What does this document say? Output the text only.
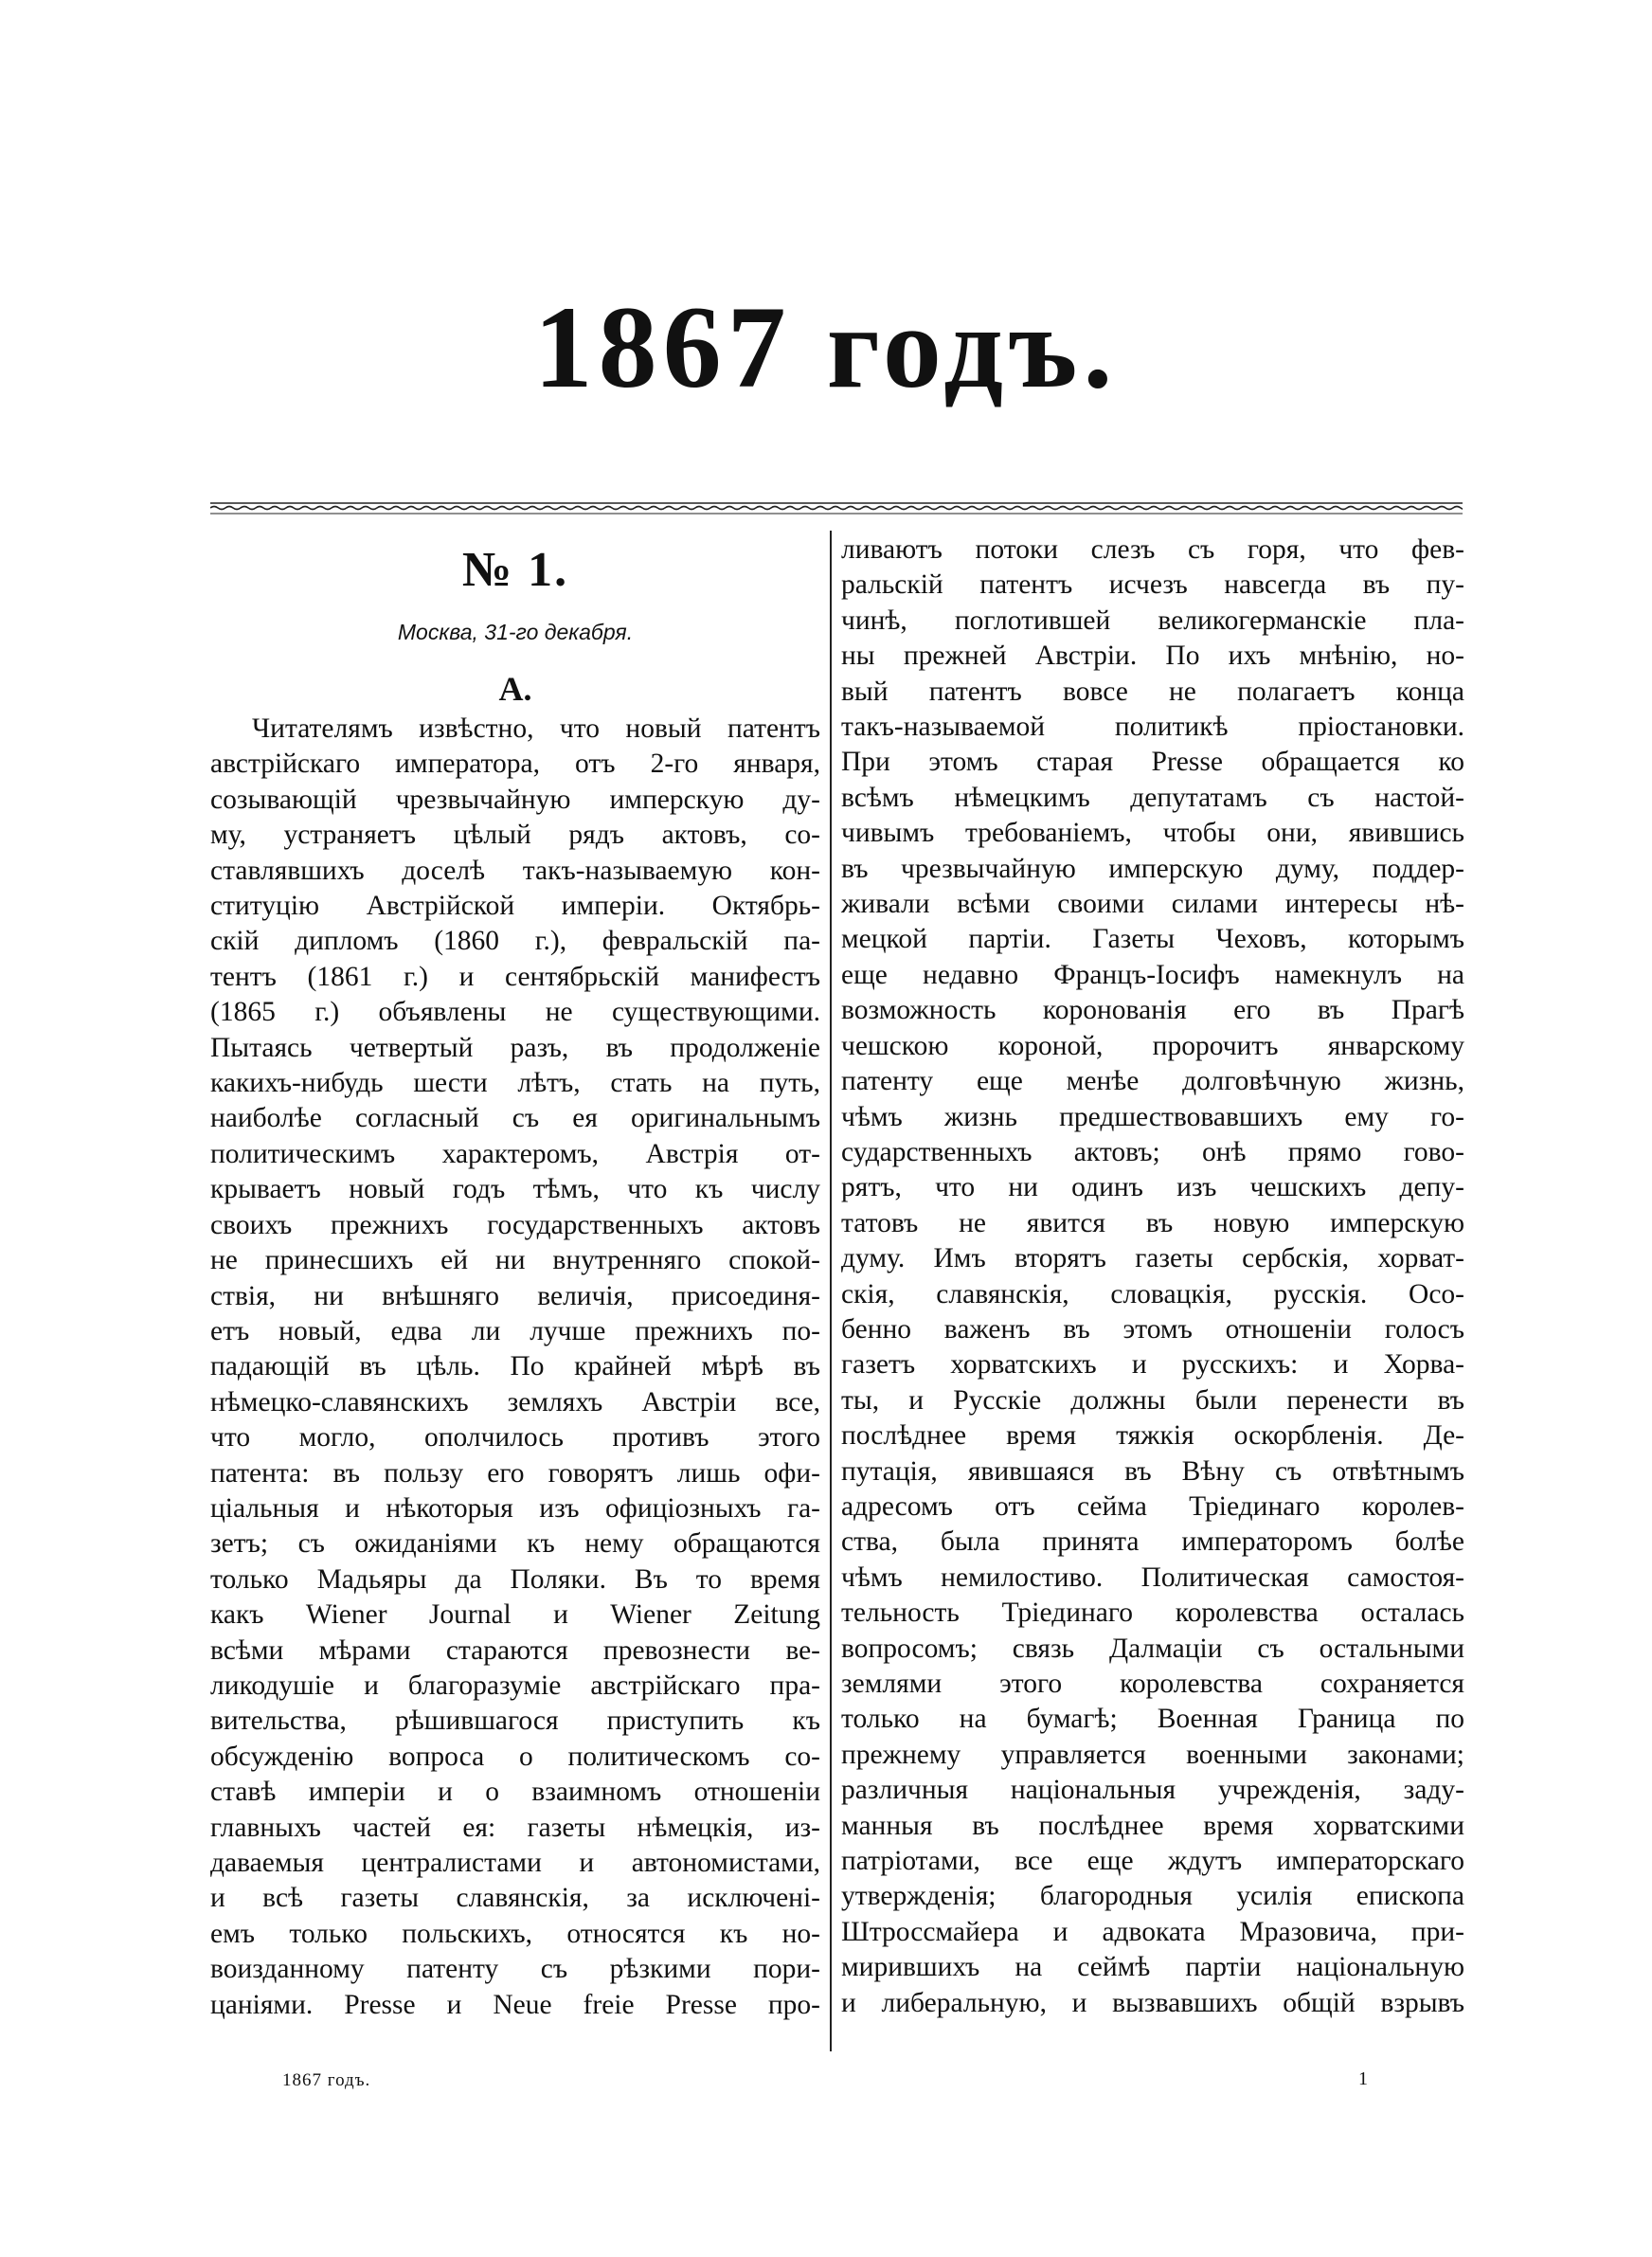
1867 годъ.
№ 1.
Москва, 31-го декабря.
A.
Читателямъ извѣстно, что новый патентъ
австрійскаго императора, отъ 2-го января,
созывающій чрезвычайную имперскую ду-
му, устраняетъ цѣлый рядъ актовъ, со-
ставлявшихъ доселѣ такъ-называемую кон-
ституцію Австрійской имперіи. Октябрь-
скій дипломъ (1860 г.), февральскій па-
тентъ (1861 г.) и сентябрьскій манифестъ
(1865 г.) объявлены не существующими.
Пытаясь четвертый разъ, въ продолженіе
какихъ-нибудь шести лѣтъ, стать на путь,
наиболѣе согласный съ ея оригинальнымъ
политическимъ характеромъ, Австрія от-
крываетъ новый годъ тѣмъ, что къ числу
своихъ прежнихъ государственныхъ актовъ
не принесшихъ ей ни внутренняго спокой-
ствія, ни внѣшняго величія, присоединя-
етъ новый, едва ли лучше прежнихъ по-
падающій въ цѣль. По крайней мѣрѣ въ
нѣмецко-славянскихъ земляхъ Австріи все,
что могло, ополчилось противъ этого
патента: въ пользу его говорятъ лишь офи-
ціальныя и нѣкоторыя изъ офиціозныхъ га-
зетъ; съ ожиданіями къ нему обращаются
только Мадьяры да Поляки. Въ то время
какъ Wiener Journal и Wiener Zeitung
всѣми мѣрами стараются превознести ве-
ликодушіе и благоразуміе австрійскаго пра-
вительства, рѣшившагося приступить къ
обсужденію вопроса о политическомъ со-
ставѣ имперіи и о взаимномъ отношеніи
главныхъ частей ея: газеты нѣмецкія, из-
даваемыя централистами и автономистами,
и всѣ газеты славянскія, за исключені-
емъ только польскихъ, относятся къ но-
воизданному патенту съ рѣзкими пори-
цаніями. Presse и Neue freie Presse про-
ливаютъ потоки слезъ съ горя, что фев-
ральскій патентъ исчезъ навсегда въ пу-
чинѣ, поглотившей великогерманскіе пла-
ны прежней Австріи. По ихъ мнѣнію, но-
вый патентъ вовсе не полагаетъ конца
такъ-называемой политикѣ пріостановки.
При этомъ старая Presse обращается ко
всѣмъ нѣмецкимъ депутатамъ съ настой-
чивымъ требованіемъ, чтобы они, явившись
въ чрезвычайную имперскую думу, поддер-
живали всѣми своими силами интересы нѣ-
мецкой партіи. Газеты Чеховъ, которымъ
еще недавно Францъ-Іосифъ намекнулъ на
возможность коронованія его въ Прагѣ
чешскою короной, пророчитъ январскому
патенту еще менѣе долговѣчную жизнь,
чѣмъ жизнь предшествовавшихъ ему го-
сударственныхъ актовъ; онѣ прямо гово-
рятъ, что ни одинъ изъ чешскихъ депу-
татовъ не явится въ новую имперскую
думу. Имъ вторятъ газеты сербскія, хорват-
скія, славянскія, словацкія, русскія. Осо-
бенно важенъ въ этомъ отношеніи голосъ
газетъ хорватскихъ и русскихъ: и Хорва-
ты, и Русскіе должны были перенести въ
послѣднее время тяжкія оскорбленія. Де-
путація, явившаяся въ Вѣну съ отвѣтнымъ
адресомъ отъ сейма Тріединаго королев-
ства, была принята императоромъ болѣе
чѣмъ немилостиво. Политическая самостоя-
тельность Тріединаго королевства осталась
вопросомъ; связь Далмаціи съ остальными
землями этого королевства сохраняется
только на бумагѣ; Военная Граница по
прежнему управляется военными законами;
различныя національныя учрежденія, заду-
манныя въ послѣднее время хорватскими
патріотами, все еще ждутъ императорскаго
утвержденія; благородныя усилія епископа
Штроссмайера и адвоката Мразовича, при-
мирившихъ на сеймѣ партіи національную
и либеральную, и вызвавшихъ общій взрывъ
1867 годъ.	1
